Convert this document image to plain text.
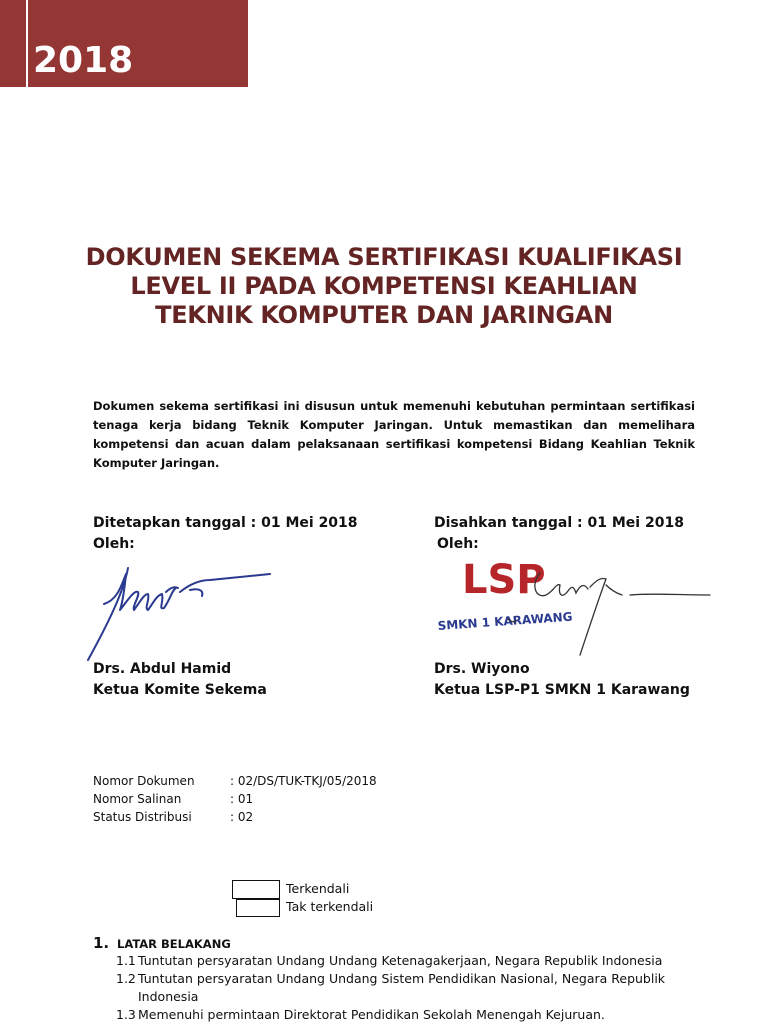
2018
DOKUMEN SEKEMA SERTIFIKASI KUALIFIKASI
LEVEL II PADA KOMPETENSI KEAHLIAN
TEKNIK KOMPUTER DAN JARINGAN
Dokumen sekema sertifikasi ini disusun untuk memenuhi kebutuhan permintaan sertifikasi tenaga kerja bidang Teknik Komputer Jaringan. Untuk memastikan dan memelihara kompetensi dan acuan dalam pelaksanaan sertifikasi kompetensi Bidang Keahlian Teknik Komputer Jaringan.
Ditetapkan tanggal : 01 Mei 2018
Oleh:
Drs. Abdul Hamid
Ketua Komite Sekema
Disahkan tanggal : 01 Mei 2018
Oleh:
LSP
SMKN 1 KARAWANG
Drs. Wiyono
Ketua LSP-P1 SMKN 1 Karawang
Nomor Dokumen	: 02/DS/TUK-TKJ/05/2018
Nomor Salinan	: 01
Status Distribusi	: 02
Terkendali
Tak terkendali
1. LATAR BELAKANG
1.1 Tuntutan persyaratan Undang Undang Ketenagakerjaan, Negara Republik Indonesia
1.2 Tuntutan persyaratan Undang Undang Sistem Pendidikan Nasional, Negara Republik
Indonesia
1.3 Memenuhi permintaan Direktorat Pendidikan Sekolah Menengah Kejuruan.
